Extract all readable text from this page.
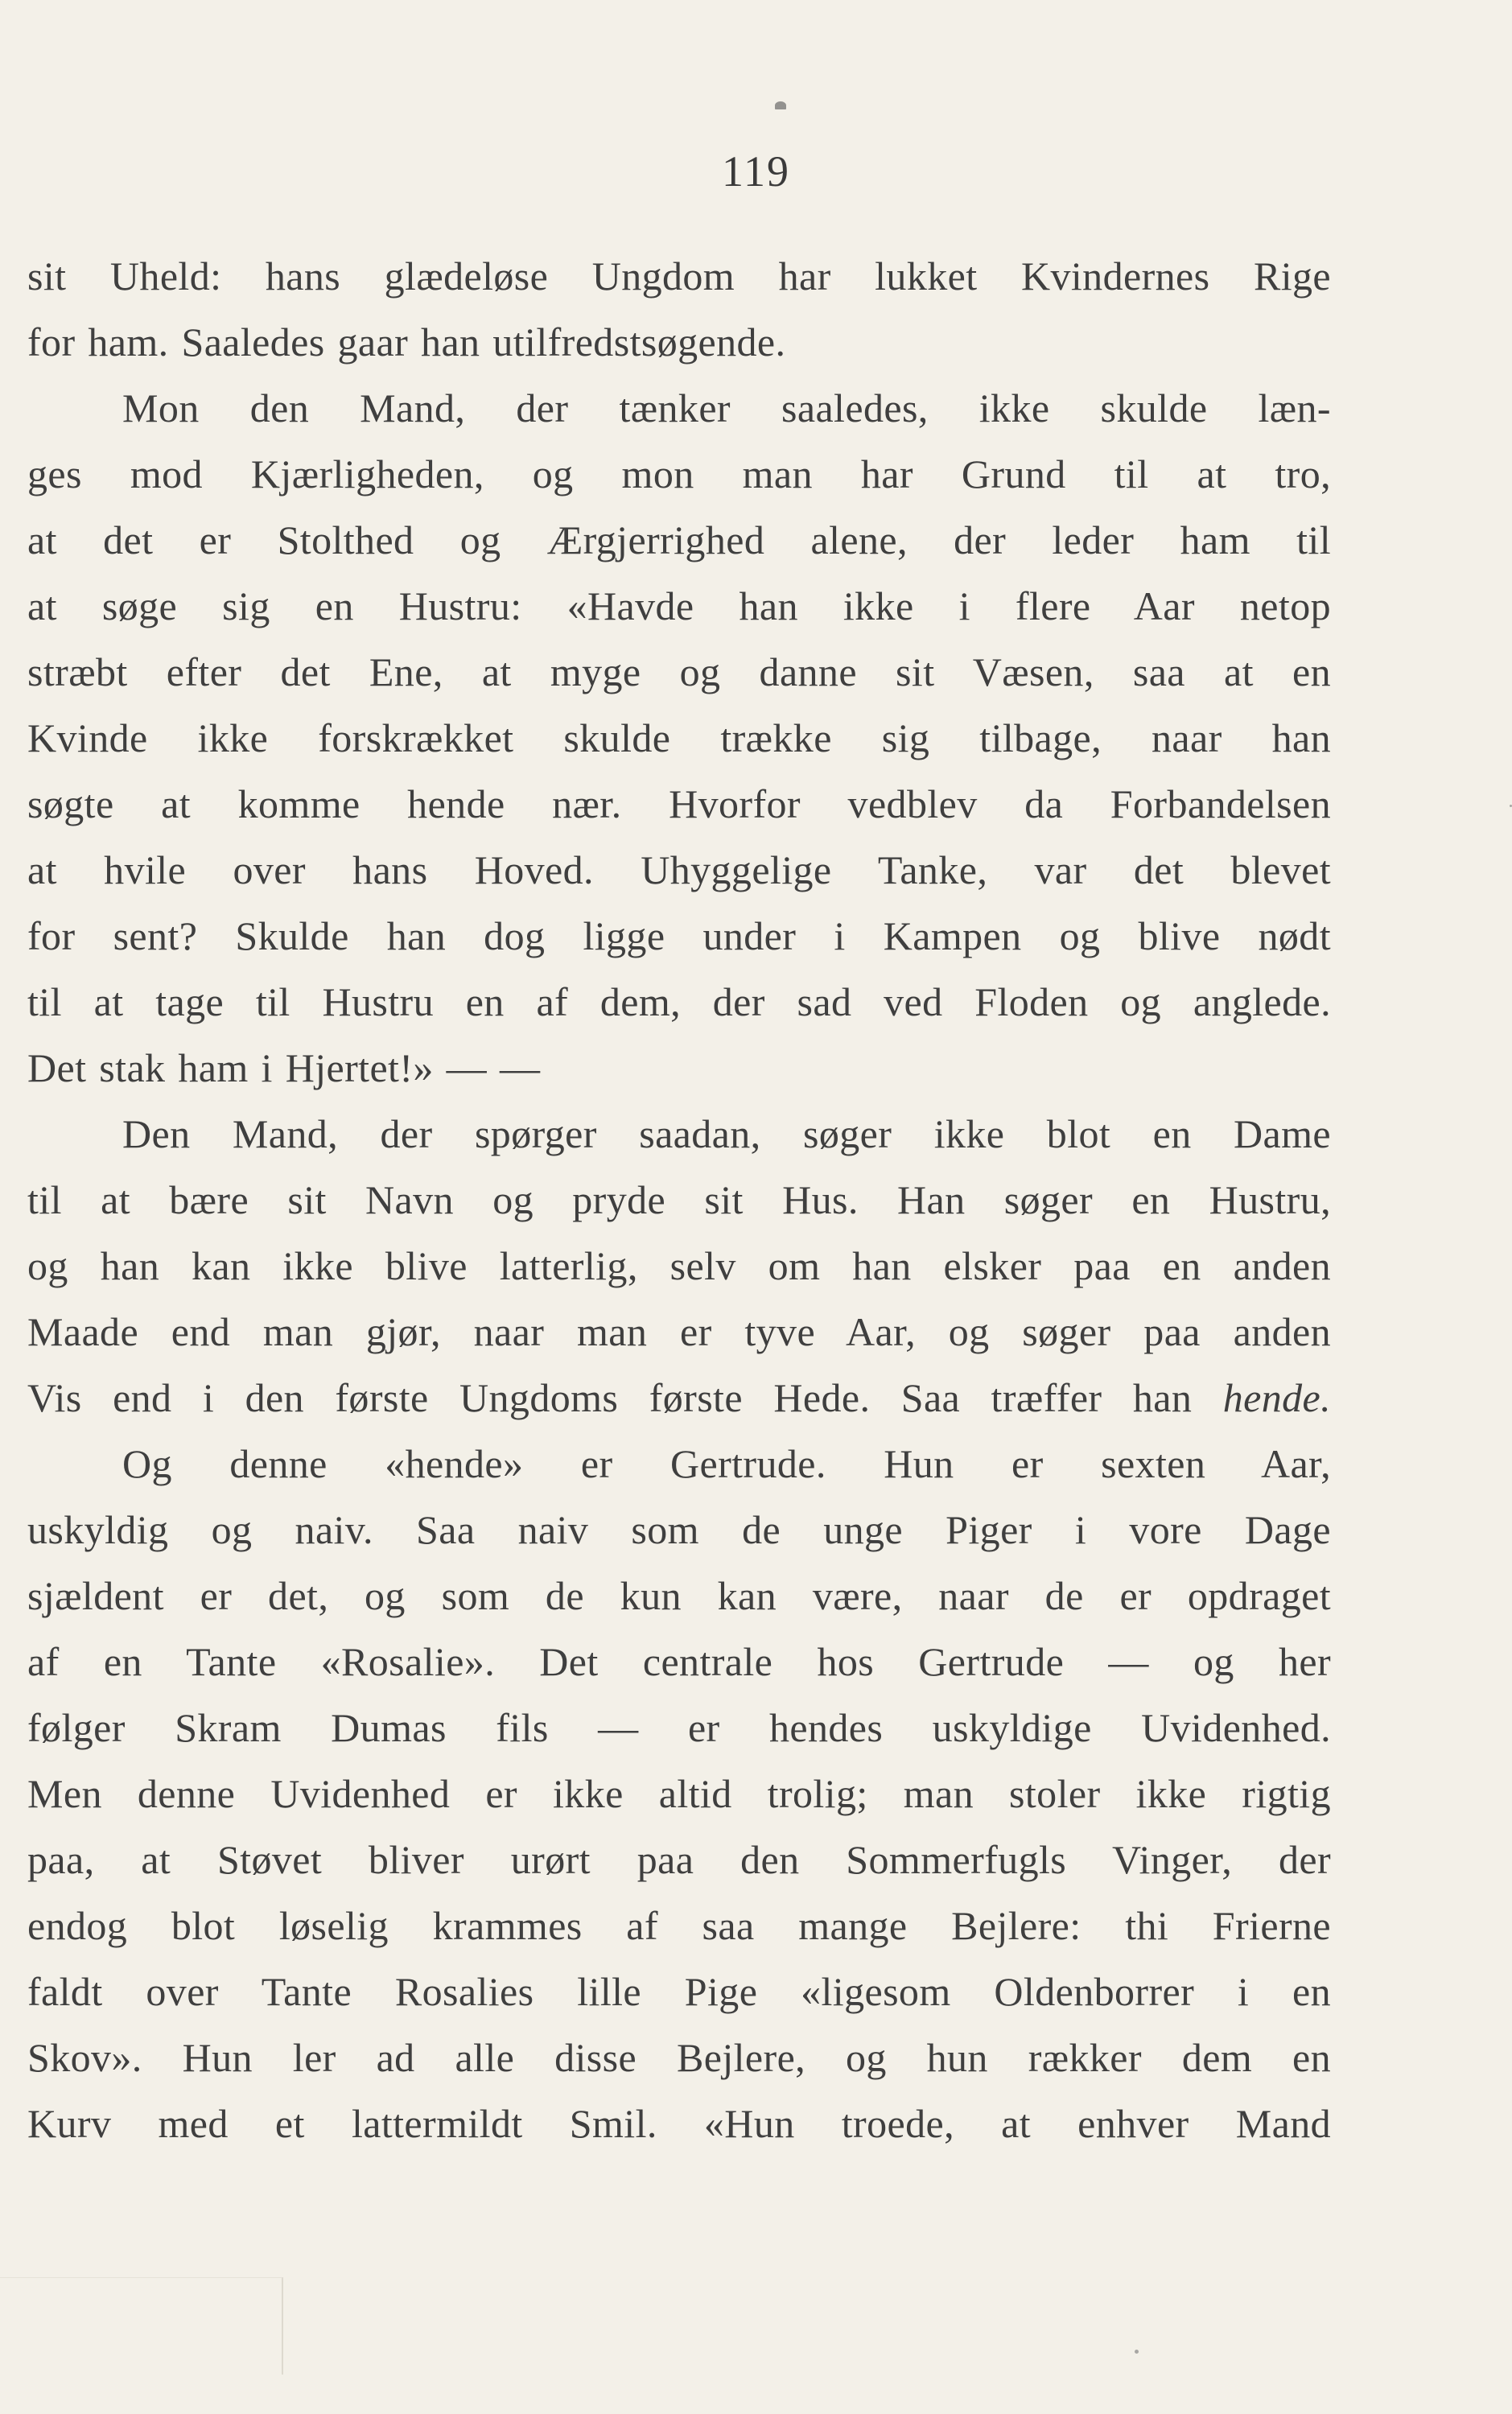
119
sit Uheld: hans glædeløse Ungdom har lukket Kvindernes Rige
for ham. Saaledes gaar han utilfredstsøgende.
Mon den Mand, der tænker saaledes, ikke skulde læn-
ges mod Kjærligheden, og mon man har Grund til at tro,
at det er Stolthed og Ærgjerrighed alene, der leder ham til
at søge sig en Hustru: «Havde han ikke i flere Aar netop
stræbt efter det Ene, at myge og danne sit Væsen, saa at en
Kvinde ikke forskrækket skulde trække sig tilbage, naar han
søgte at komme hende nær. Hvorfor vedblev da Forbandelsen
at hvile over hans Hoved. Uhyggelige Tanke, var det blevet
for sent? Skulde han dog ligge under i Kampen og blive nødt
til at tage til Hustru en af dem, der sad ved Floden og anglede.
Det stak ham i Hjertet!» — —
Den Mand, der spørger saadan, søger ikke blot en Dame
til at bære sit Navn og pryde sit Hus. Han søger en Hustru,
og han kan ikke blive latterlig, selv om han elsker paa en anden
Maade end man gjør, naar man er tyve Aar, og søger paa anden
Vis end i den første Ungdoms første Hede. Saa træffer han hende.
Og denne «hende» er Gertrude. Hun er sexten Aar,
uskyldig og naiv. Saa naiv som de unge Piger i vore Dage
sjældent er det, og som de kun kan være, naar de er opdraget
af en Tante «Rosalie». Det centrale hos Gertrude — og her
følger Skram Dumas fils — er hendes uskyldige Uvidenhed.
Men denne Uvidenhed er ikke altid trolig; man stoler ikke rigtig
paa, at Støvet bliver urørt paa den Sommerfugls Vinger, der
endog blot løselig krammes af saa mange Bejlere: thi Frierne
faldt over Tante Rosalies lille Pige «ligesom Oldenborrer i en
Skov». Hun ler ad alle disse Bejlere, og hun rækker dem en
Kurv med et lattermildt Smil. «Hun troede, at enhver Mand
